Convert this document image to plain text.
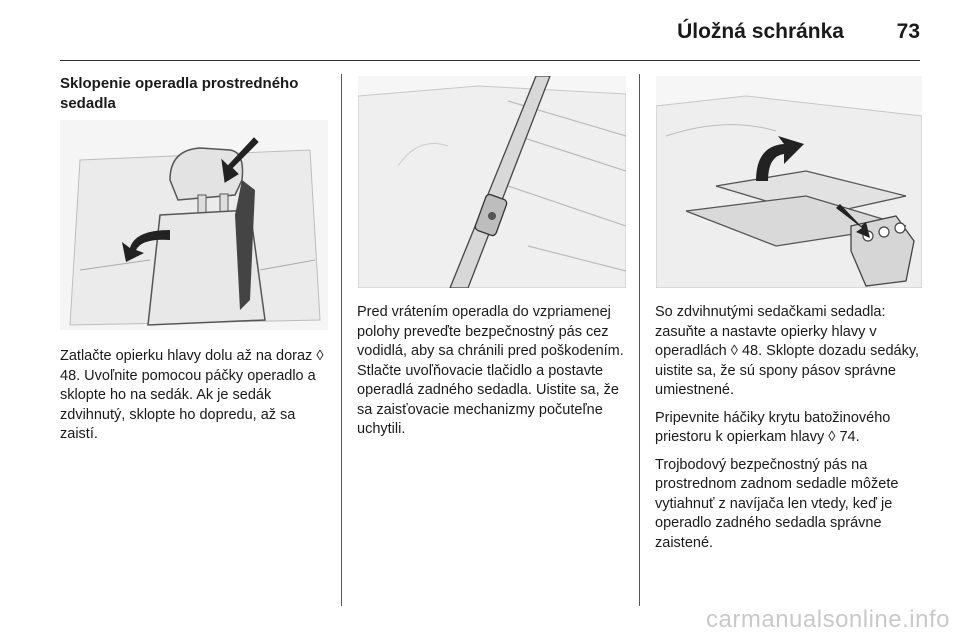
Úložná schránka	73
Sklopenie operadla prostredného sedadla

Zatlačte opierku hlavy dolu až na doraz ◊ 48. Uvoľnite pomocou páčky operadlo a sklopte ho na sedák. Ak je sedák zdvihnutý, sklopte ho dopredu, až sa zaistí.

Pred vrátením operadla do vzpriamenej polohy preveďte bezpečnostný pás cez vodidlá, aby sa chránili pred poškodením. Stlačte uvoľňovacie tlačidlo a postavte operadlá zadného sedadla. Uistite sa, že sa zaisťovacie mechanizmy počuteľne uchytili.

So zdvihnutými sedačkami sedadla: zasuňte a nastavte opierky hlavy v operadlách ◊ 48. Sklopte dozadu sedáky, uistite sa, že sú spony pásov správne umiestnené.

Pripevnite háčiky krytu batožinového priestoru k opierkam hlavy ◊ 74.

Trojbodový bezpečnostný pás na prostrednom zadnom sedadle môžete vytiahnuť z navíjača len vtedy, keď je operadlo zadného sedadla správne zaistené.

carmanualsonline.info
